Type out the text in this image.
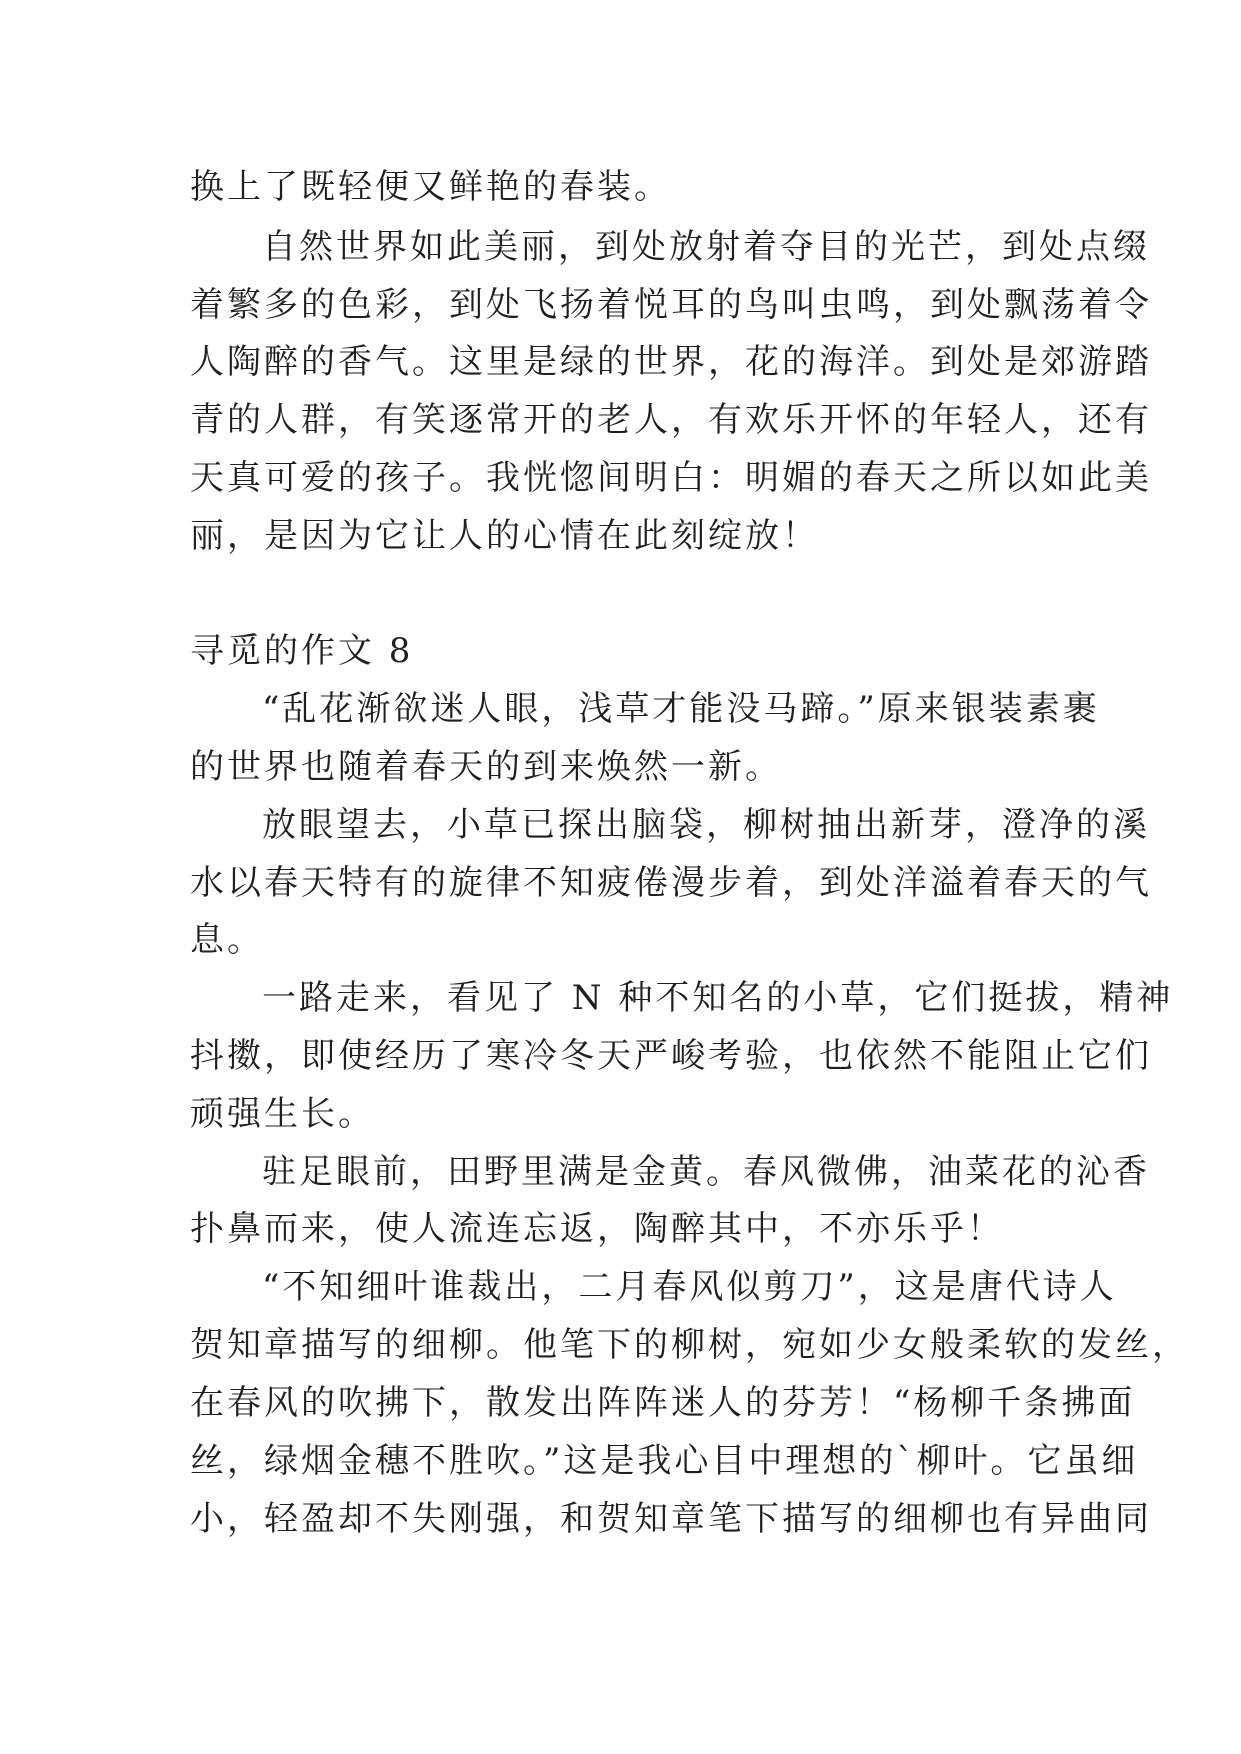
换上了既轻便又鲜艳的春装。
自然世界如此美丽，到处放射着夺目的光芒，到处点缀
着繁多的色彩，到处飞扬着悦耳的鸟叫虫鸣，到处飘荡着令
人陶醉的香气。这里是绿的世界，花的海洋。到处是郊游踏
青的人群，有笑逐常开的老人，有欢乐开怀的年轻人，还有
天真可爱的孩子。我恍惚间明白：明媚的春天之所以如此美
丽，是因为它让人的心情在此刻绽放！
寻觅的作文 8
“乱花渐欲迷人眼，浅草才能没马蹄。”原来银装素裹
的世界也随着春天的到来焕然一新。
放眼望去，小草已探出脑袋，柳树抽出新芽，澄净的溪
水以春天特有的旋律不知疲倦漫步着，到处洋溢着春天的气
息。
一路走来，看见了 N 种不知名的小草，它们挺拔，精神
抖擞，即使经历了寒冷冬天严峻考验，也依然不能阻止它们
顽强生长。
驻足眼前，田野里满是金黄。春风微佛，油菜花的沁香
扑鼻而来，使人流连忘返，陶醉其中，不亦乐乎！
“不知细叶谁裁出，二月春风似剪刀”，这是唐代诗人
贺知章描写的细柳。他笔下的柳树，宛如少女般柔软的发丝，
在春风的吹拂下，散发出阵阵迷人的芬芳！“杨柳千条拂面
丝，绿烟金穗不胜吹。”这是我心目中理想的`柳叶。它虽细
小，轻盈却不失刚强，和贺知章笔下描写的细柳也有异曲同
